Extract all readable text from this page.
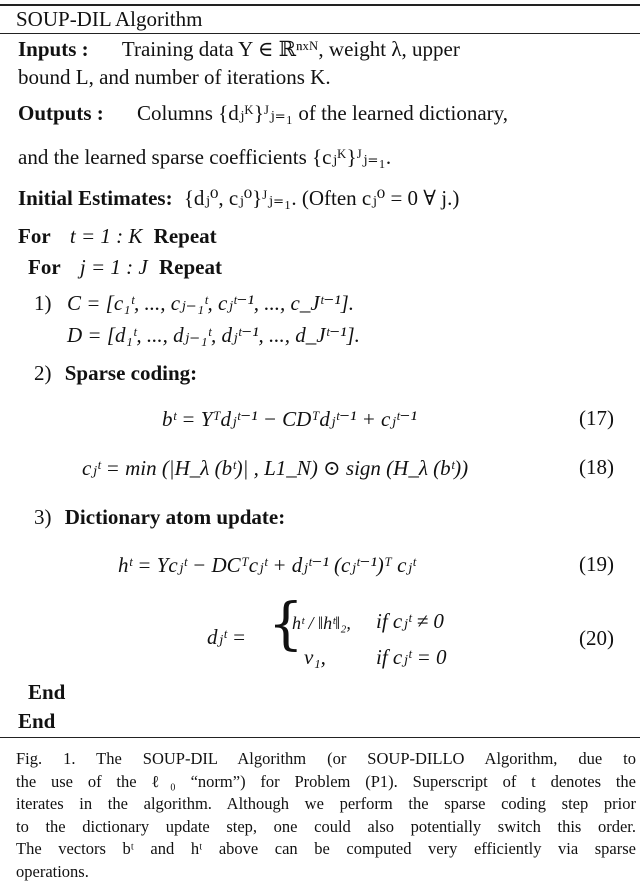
SOUP-DIL Algorithm
Inputs : Training data Y ∈ ℝⁿˣᴺ, weight λ, upper
bound L, and number of iterations K.
Outputs : Columns {dⱼᴷ}ᴶⱼ₌₁ of the learned dictionary,
and the learned sparse coefficients {cⱼᴷ}ᴶⱼ₌₁.
Initial Estimates: {dⱼ⁰, cⱼ⁰}ᴶⱼ₌₁. (Often cⱼ⁰ = 0 ∀ j.)
For t = 1 : K Repeat
For j = 1 : J Repeat
1) C = [c₁ᵗ, ..., cⱼ₋₁ᵗ, cⱼᵗ⁻¹, ..., c_Jᵗ⁻¹].
D = [d₁ᵗ, ..., dⱼ₋₁ᵗ, dⱼᵗ⁻¹, ..., d_Jᵗ⁻¹].
2) Sparse coding:
bᵗ = Yᵀdⱼᵗ⁻¹ − CDᵀdⱼᵗ⁻¹ + cⱼᵗ⁻¹	(17)
cⱼᵗ = min (|H_λ (bᵗ)| , L1_N) ⊙ sign (H_λ (bᵗ))	(18)
3) Dictionary atom update:
hᵗ = Ycⱼᵗ − DCᵀcⱼᵗ + dⱼᵗ⁻¹ (cⱼᵗ⁻¹)ᵀ cⱼᵗ	(19)
dⱼᵗ = {
hᵗ / ‖hᵗ‖₂, if cⱼᵗ ≠ 0
v₁, if cⱼᵗ = 0
(20)
End
End
Fig. 1. The SOUP-DIL Algorithm (or SOUP-DILLO Algorithm, due to
the use of the ℓ₀ “norm”) for Problem (P1). Superscript of t denotes the
iterates in the algorithm. Although we perform the sparse coding step prior
to the dictionary update step, one could also potentially switch this order.
The vectors bᵗ and hᵗ above can be computed very efficiently via sparse
operations.
